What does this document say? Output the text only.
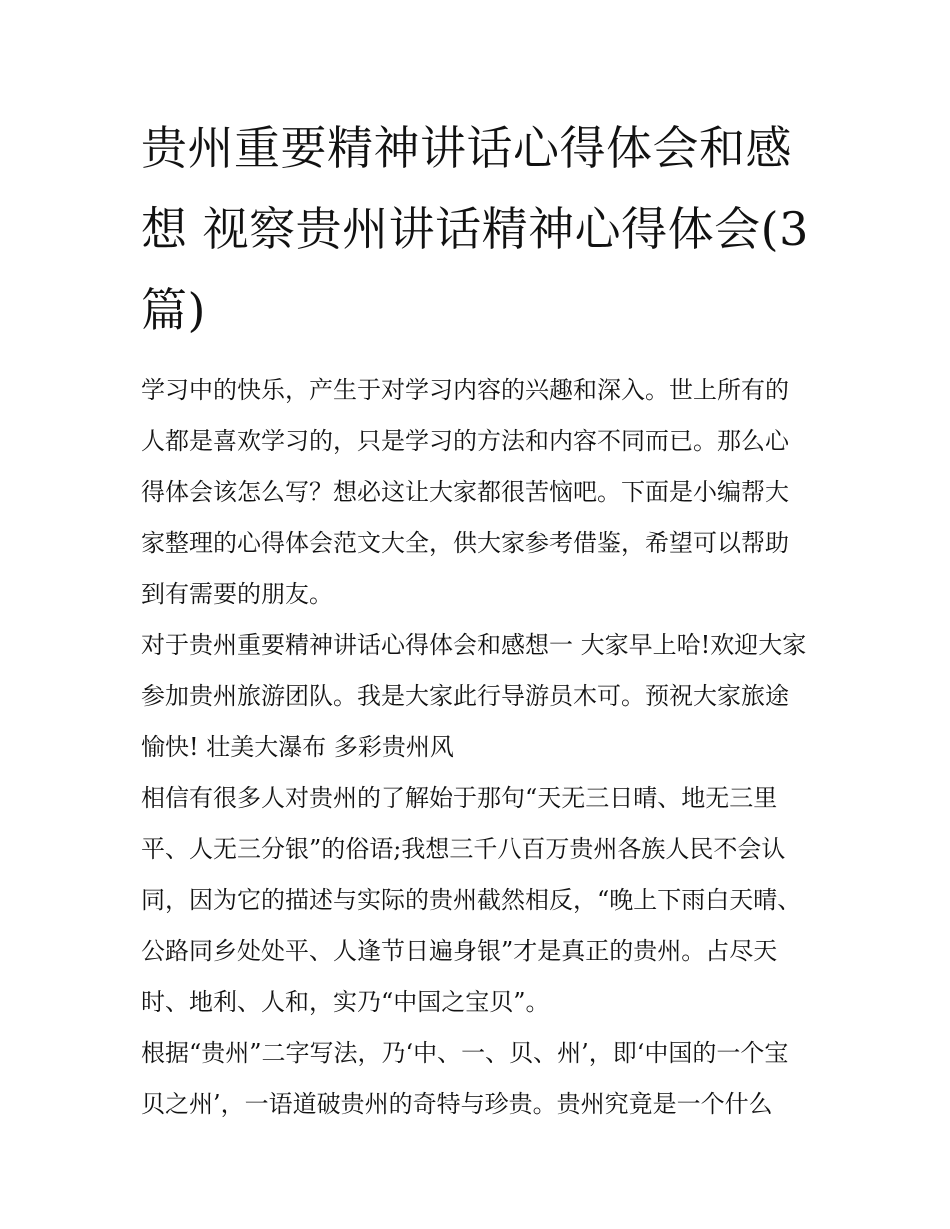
贵州重要精神讲话心得体会和感想 视察贵州讲话精神心得体会(3篇)

学习中的快乐，产生于对学习内容的兴趣和深入。世上所有的人都是喜欢学习的，只是学习的方法和内容不同而已。那么心得体会该怎么写？想必这让大家都很苦恼吧。下面是小编帮大家整理的心得体会范文大全，供大家参考借鉴，希望可以帮助到有需要的朋友。

对于贵州重要精神讲话心得体会和感想一 大家早上哈!欢迎大家参加贵州旅游团队。我是大家此行导游员木可。预祝大家旅途愉快! 壮美大瀑布 多彩贵州风

相信有很多人对贵州的了解始于那句“天无三日晴、地无三里平、人无三分银”的俗语;我想三千八百万贵州各族人民不会认同，因为它的描述与实际的贵州截然相反，“晚上下雨白天晴、公路同乡处处平、人逢节日遍身银”才是真正的贵州。占尽天时、地利、人和，实乃“中国之宝贝”。

根据“贵州”二字写法，乃‘中、一、贝、州’，即‘中国的一个宝贝之州’，一语道破贵州的奇特与珍贵。贵州究竟是一个什么
